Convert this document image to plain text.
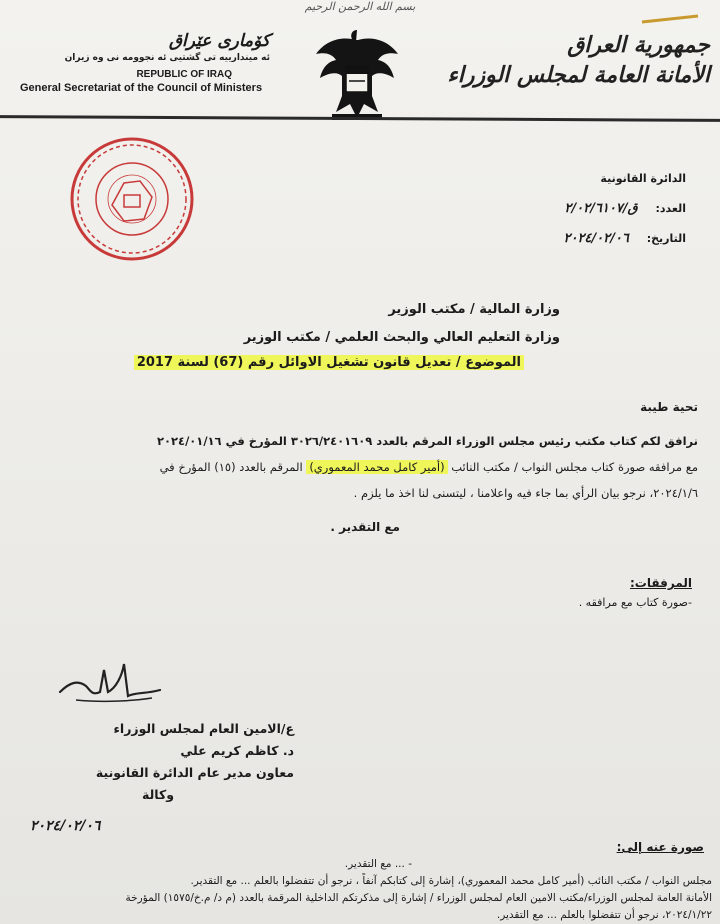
بسم الله الرحمن الرحيم
جمهورية العراق
الأمانة العامة لمجلس الوزراء
كۆماری عێراق
ئه‌ میندارییه‌ تى گشتیى ئه‌ نجوومه‌ نی وه‌ زیران
REPUBLIC OF IRAQ
General Secretariat of the Council of Ministers
الدائرة القانونية
العدد: ق/٢/٠٢/٦١٠٧
التاريخ: ٢٠٢٤/٠٢/٠٦
وزارة المالية / مكتب الوزير
وزارة التعليم العالي والبحث العلمي / مكتب الوزير
الموضوع / تعديل قانون تشغيل الاوائل رقم (67) لسنة 2017
تحية طيبة
نرافق لكم كتاب مكتب رئيس مجلس الوزراء المرقم بالعدد ٣٠٢٦/٢٤٠١٦٠٩ المؤرخ في ٢٠٢٤/٠١/١٦
مع مرافقه صورة كتاب مجلس النواب / مكتب النائب (أمير كامل محمد المعموري) المرقم بالعدد (١٥) المؤرخ في
٢٠٢٤/١/٦، نرجو بيان الرأي بما جاء فيه واعلامنا ، ليتسنى لنا اخذ ما يلزم .
مع التقدير .
المرفقات:
-صورة كتاب مع مرافقه .
ع/الامين العام لمجلس الوزراء
د. كاظم كريم علي
معاون مدير عام الدائرة القانونية
وكالة
٢٠٢٤/٠٢/٠٦
صورة عنه إلى:
- ... مع التقدير.
مجلس النواب / مكتب النائب (أمير كامل محمد المعموري)، إشارة إلى كتابكم آنفاً ، نرجو أن تتفضلوا بالعلم ... مع التقدير.
الأمانة العامة لمجلس الوزراء/مكتب الامين العام لمجلس الوزراء / إشارة إلى مذكرتكم الداخلية المرقمة بالعدد (م د/ م.خ/١٥٧٥) المؤرخة
٢٠٢٤/١/٢٢، نرجو أن تتفضلوا بالعلم ... مع التقدير.
